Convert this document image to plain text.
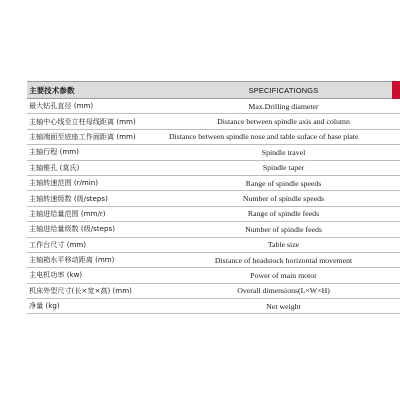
主要技术参数	SPECIFICATIONGS
最大钻孔直径 (mm)	Max.Drilling diameter
主轴中心线至立柱母线距离 (mm)	Distance between spindle axis and column
主轴端面至底座工作面距离 (mm)	Distance between spindle nose and table suface of base plate
主轴行程 (mm)	Spindle travel
主轴锥孔 (莫氏)	Spindle taper
主轴转速范围 (r/min)	Range of spindle speeds
主轴转速级数 (级/steps)	Number of spindle speeds
主轴进给量范围 (mm/r)	Range of spindle feeds
主轴进给量级数 (级/steps)	Number of spindle feeds
工作台尺寸 (mm)	Table size
主轴箱水平移动距离 (mm)	Distance of headstock horizontal movement
主电机功率 (kw)	Power of main motor
机床外型尺寸(长×宽×高) (mm)	Overall dimensions(L×W×H)
净量 (kg)	Net weight
